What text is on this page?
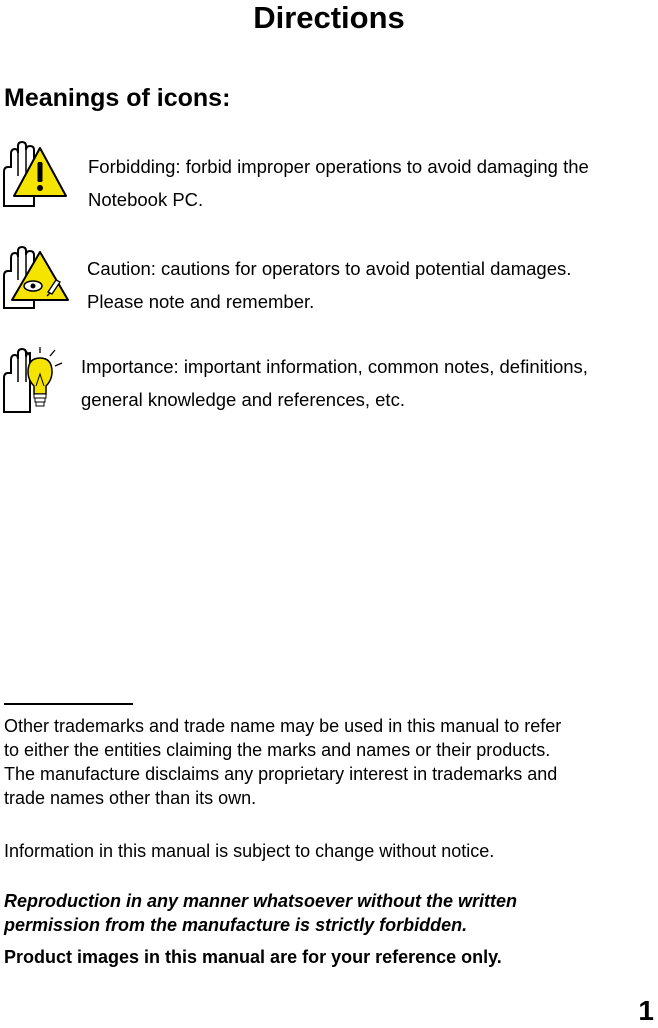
Directions
Meanings of icons:

Forbidding: forbid improper operations to avoid damaging the

Notebook PC.

Caution: cautions for operators to avoid potential damages.

Please note and remember.

Importance: important information, common notes, definitions,

general knowledge and references, etc.

Other trademarks and trade name may be used in this manual to refer

to either the entities claiming the marks and names or their products.

The manufacture disclaims any proprietary interest in trademarks and

trade names other than its own.

Information in this manual is subject to change without notice.

Reproduction in any manner whatsoever without the written

permission from the manufacture is strictly forbidden.

Product images in this manual are for your reference only.

1
